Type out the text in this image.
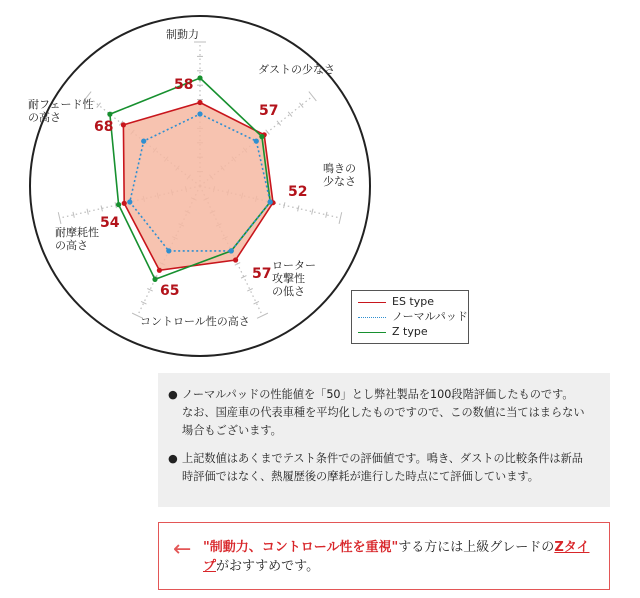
制動力
ダストの少なさ
鳴きの
少なさ
ローター
攻撃性
の低さ
コントロール性の高さ
耐摩耗性
の高さ
耐フェード性
の高さ
58
57
52
57
65
54
68
ES type
ノーマルパッド
Z type
● ノーマルパッドの性能値を「50」とし弊社製品を100段階評価したものです。
なお、国産車の代表車種を平均化したものですので、この数値に当てはまらない
場合もございます。
● 上記数値はあくまでテスト条件での評価値です。鳴き、ダストの比較条件は新品
時評価ではなく、熱履歴後の摩耗が進行した時点にて評価しています。
← "制動力、コントロール性を重視"する方には上級グレードのZタイプがおすすめです。
